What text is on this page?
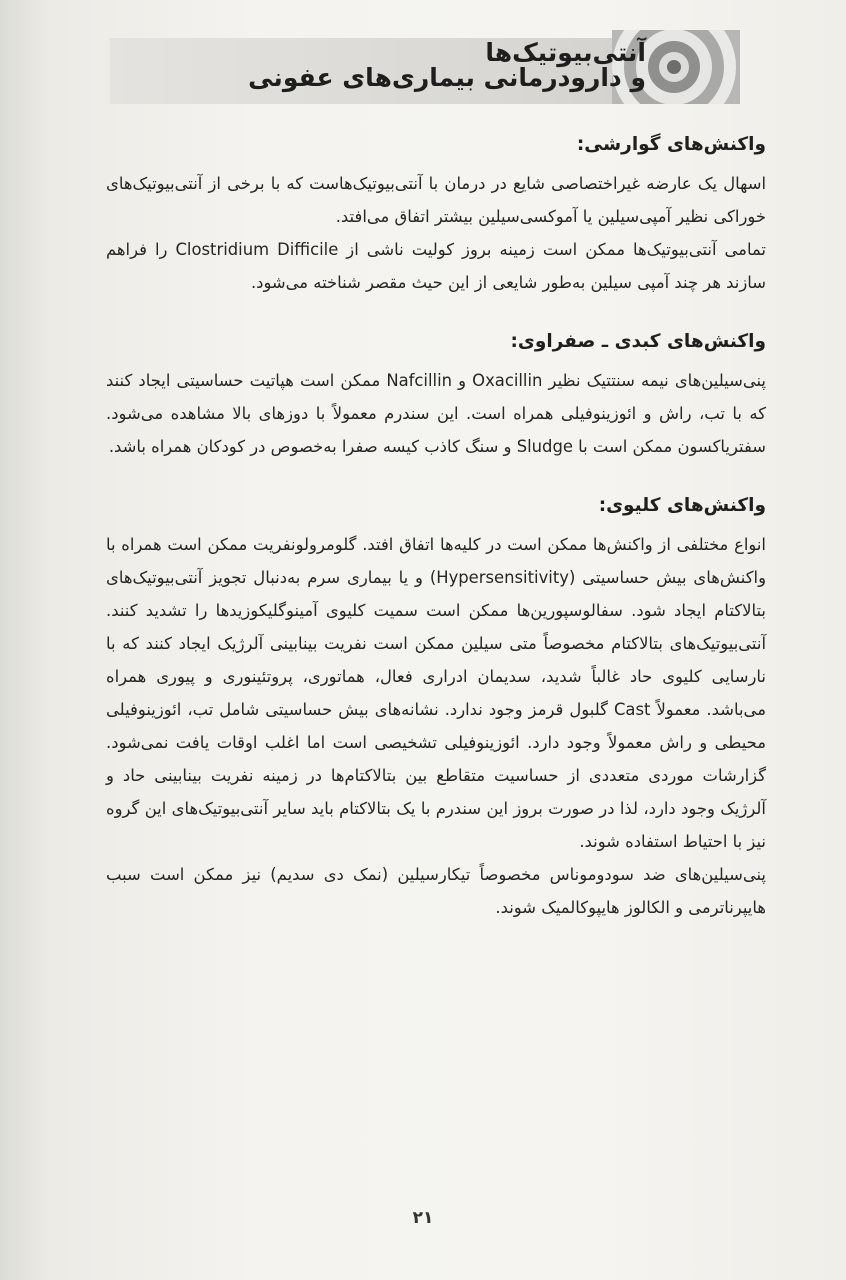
آنتی‌بیوتیک‌ها
و دارودرمانی بیماری‌های عفونی
واکنش‌های گوارشی:

اسهال یک عارضه غیراختصاصی شایع در درمان با آنتی‌بیوتیک‌هاست که با برخی از آنتی‌بیوتیک‌های خوراکی نظیر آمپی‌سیلین یا آموکسی‌سیلین بیشتر اتفاق می‌افتد.

تمامی آنتی‌بیوتیک‌ها ممکن است زمینه بروز کولیت ناشی از Clostridium Difficile را فراهم سازند هر چند آمپی سیلین به‌طور شایعی از این حیث مقصر شناخته می‌شود.

واکنش‌های کبدی ـ صفراوی:

پنی‌سیلین‌های نیمه سنتتیک نظیر Oxacillin و Nafcillin ممکن است هپاتیت حساسیتی ایجاد کنند که با تب، راش و ائوزینوفیلی همراه است. این سندرم معمولاً با دوزهای بالا مشاهده می‌شود. سفتریاکسون ممکن است با Sludge و سنگ کاذب کیسه صفرا به‌خصوص در کودکان همراه باشد.

واکنش‌های کلیوی:

انواع مختلفی از واکنش‌ها ممکن است در کلیه‌ها اتفاق افتد. گلومرولونفریت ممکن است همراه با واکنش‌های بیش حساسیتی (Hypersensitivity) و یا بیماری سرم به‌دنبال تجویز آنتی‌بیوتیک‌های بتالاکتام ایجاد شود. سفالوسپورین‌ها ممکن است سمیت کلیوی آمینوگلیکوزیدها را تشدید کنند. آنتی‌بیوتیک‌های بتالاکتام مخصوصاً متی سیلین ممکن است نفریت بینابینی آلرژیک ایجاد کنند که با نارسایی کلیوی حاد غالباً شدید، سدیمان ادراری فعال، هماتوری، پروتئینوری و پیوری همراه می‌باشد. معمولاً Cast گلبول قرمز وجود ندارد. نشانه‌های بیش حساسیتی شامل تب، ائوزینوفیلی محیطی و راش معمولاً وجود دارد. ائوزینوفیلی تشخیصی است اما اغلب اوقات یافت نمی‌شود. گزارشات موردی متعددی از حساسیت متقاطع بین بتالاکتام‌ها در زمینه نفریت بینابینی حاد و آلرژیک وجود دارد، لذا در صورت بروز این سندرم با یک بتالاکتام باید سایر آنتی‌بیوتیک‌های این گروه نیز با احتیاط استفاده شوند.

پنی‌سیلین‌های ضد سودوموناس مخصوصاً تیکارسیلین (نمک دی سدیم) نیز ممکن است سبب هایپرناترمی و الکالوز هایپوکالمیک شوند.

۲۱
